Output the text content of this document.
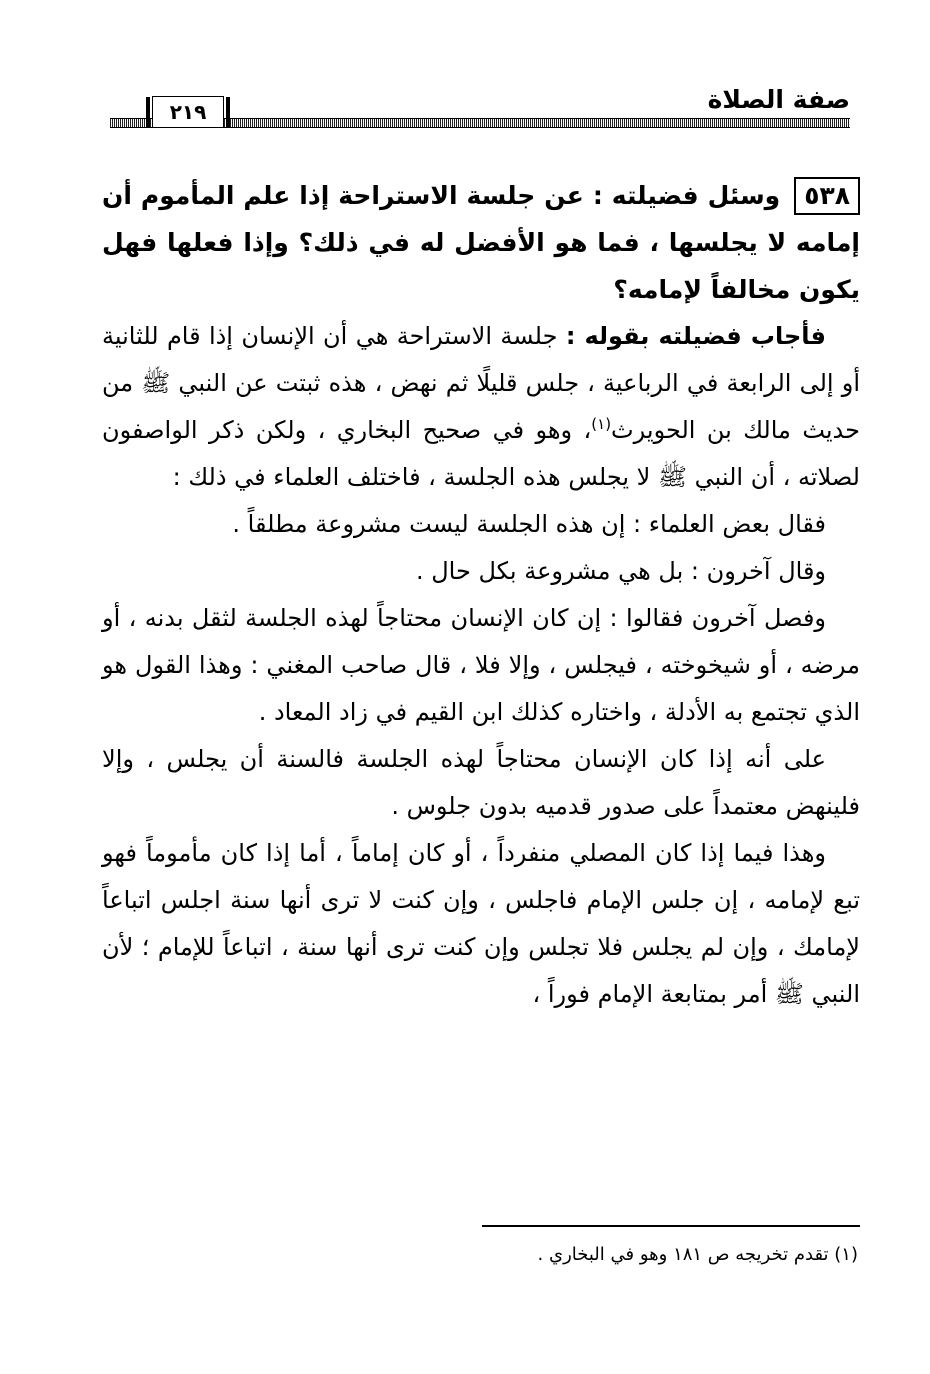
صفة الصلاة
٢١٩

٥٣٨وسئل فضيلته : عن جلسة الاستراحة إذا علم المأموم أن إمامه لا يجلسها ، فما هو الأفضل له في ذلك؟ وإذا فعلها فهل يكون مخالفاً لإمامه؟

فأجاب فضيلته بقوله : جلسة الاستراحة هي أن الإنسان إذا قام للثانية أو إلى الرابعة في الرباعية ، جلس قليلًا ثم نهض ، هذه ثبتت عن النبي ﷺ من حديث مالك بن الحويرث$^{(١)}$، وهو في صحيح البخاري ، ولكن ذكر الواصفون لصلاته ، أن النبي ﷺ لا يجلس هذه الجلسة ، فاختلف العلماء في ذلك :

فقال بعض العلماء : إن هذه الجلسة ليست مشروعة مطلقاً .

وقال آخرون : بل هي مشروعة بكل حال .

وفصل آخرون فقالوا : إن كان الإنسان محتاجاً لهذه الجلسة لثقل بدنه ، أو مرضه ، أو شيخوخته ، فيجلس ، وإلا فلا ، قال صاحب المغني : وهذا القول هو الذي تجتمع به الأدلة ، واختاره كذلك ابن القيم في زاد المعاد .

على أنه إذا كان الإنسان محتاجاً لهذه الجلسة فالسنة أن يجلس ، وإلا فلينهض معتمداً على صدور قدميه بدون جلوس .

وهذا فيما إذا كان المصلي منفرداً ، أو كان إماماً ، أما إذا كان مأموماً فهو تبع لإمامه ، إن جلس الإمام فاجلس ، وإن كنت لا ترى أنها سنة اجلس اتباعاً لإمامك ، وإن لم يجلس فلا تجلس وإن كنت ترى أنها سنة ، اتباعاً للإمام ؛ لأن النبي ﷺ أمر بمتابعة الإمام فوراً ،

(١) تقدم تخريجه ص ١٨١ وهو في البخاري .
